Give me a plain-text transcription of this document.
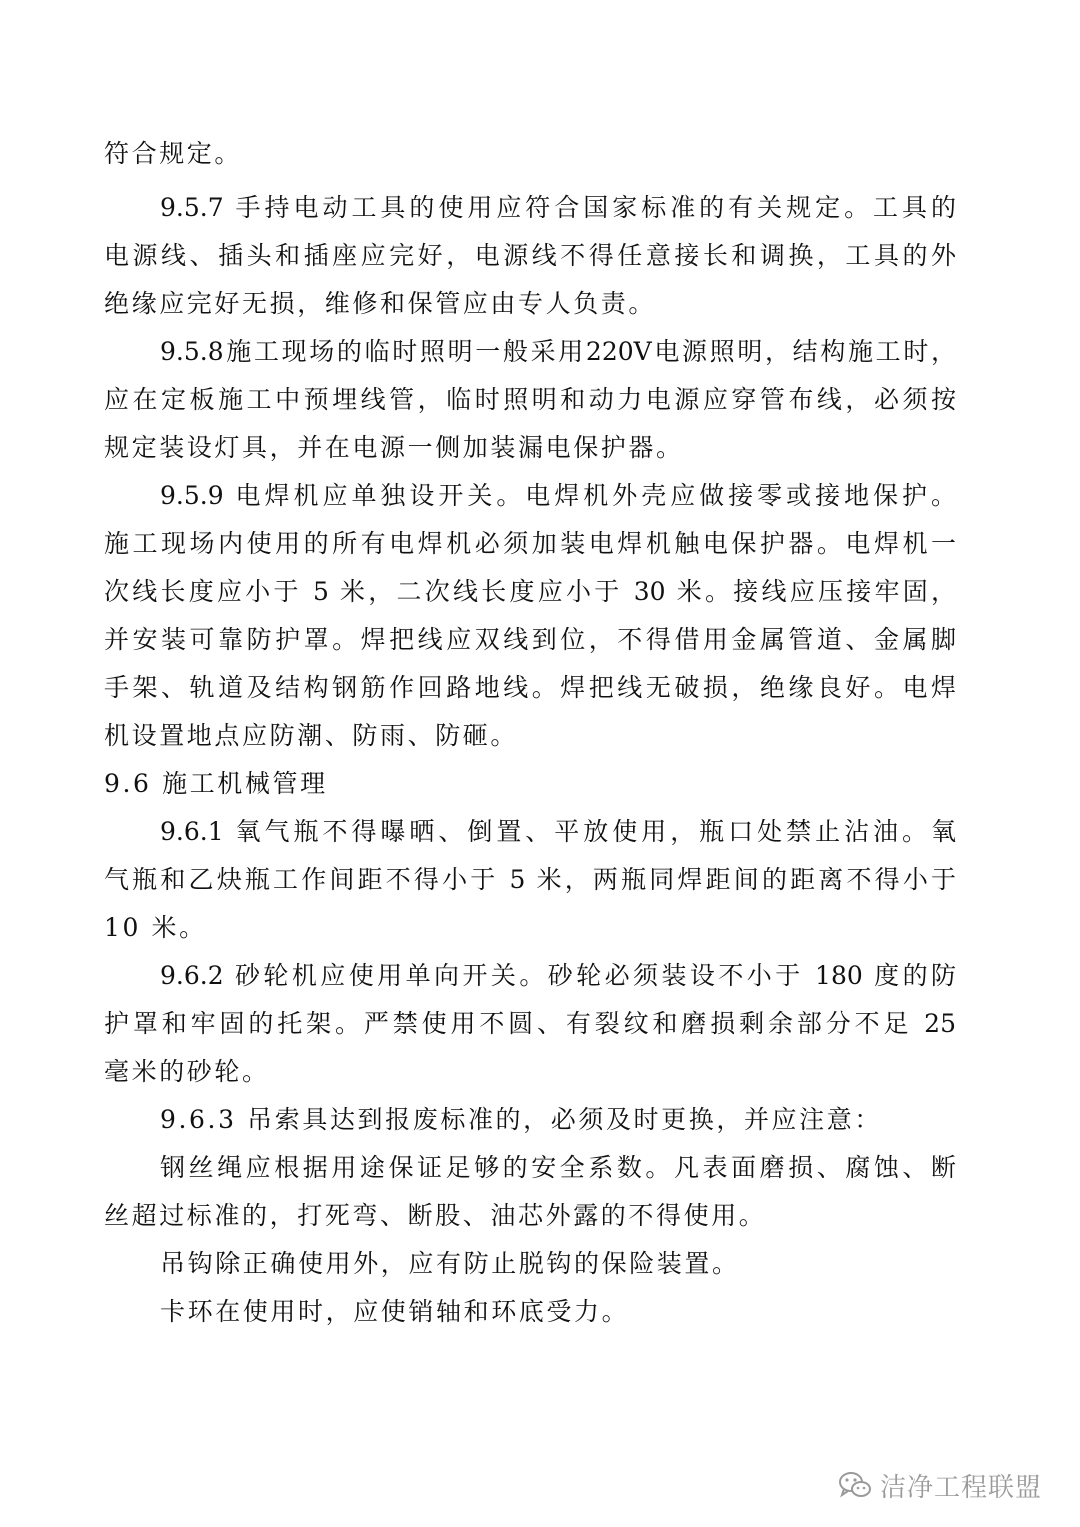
符合规定。
9.5.7 手持电动工具的使用应符合国家标准的有关规定。工具的
电源线、插头和插座应完好，电源线不得任意接长和调换，工具的外
绝缘应完好无损，维修和保管应由专人负责。
9.5.8施工现场的临时照明一般采用220V电源照明，结构施工时，
应在定板施工中预埋线管，临时照明和动力电源应穿管布线，必须按
规定装设灯具，并在电源一侧加装漏电保护器。
9.5.9 电焊机应单独设开关。电焊机外壳应做接零或接地保护。
施工现场内使用的所有电焊机必须加装电焊机触电保护器。电焊机一
次线长度应小于 5 米，二次线长度应小于 30 米。接线应压接牢固，
并安装可靠防护罩。焊把线应双线到位，不得借用金属管道、金属脚
手架、轨道及结构钢筋作回路地线。焊把线无破损，绝缘良好。电焊
机设置地点应防潮、防雨、防砸。
9.6 施工机械管理
9.6.1 氧气瓶不得曝晒、倒置、平放使用，瓶口处禁止沾油。氧
气瓶和乙炔瓶工作间距不得小于 5 米，两瓶同焊距间的距离不得小于
10 米。
9.6.2 砂轮机应使用单向开关。砂轮必须装设不小于 180 度的防
护罩和牢固的托架。严禁使用不圆、有裂纹和磨损剩余部分不足 25
毫米的砂轮。
9.6.3 吊索具达到报废标准的，必须及时更换，并应注意：
钢丝绳应根据用途保证足够的安全系数。凡表面磨损、腐蚀、断
丝超过标准的，打死弯、断股、油芯外露的不得使用。
吊钩除正确使用外，应有防止脱钩的保险装置。
卡环在使用时，应使销轴和环底受力。
洁净工程联盟
